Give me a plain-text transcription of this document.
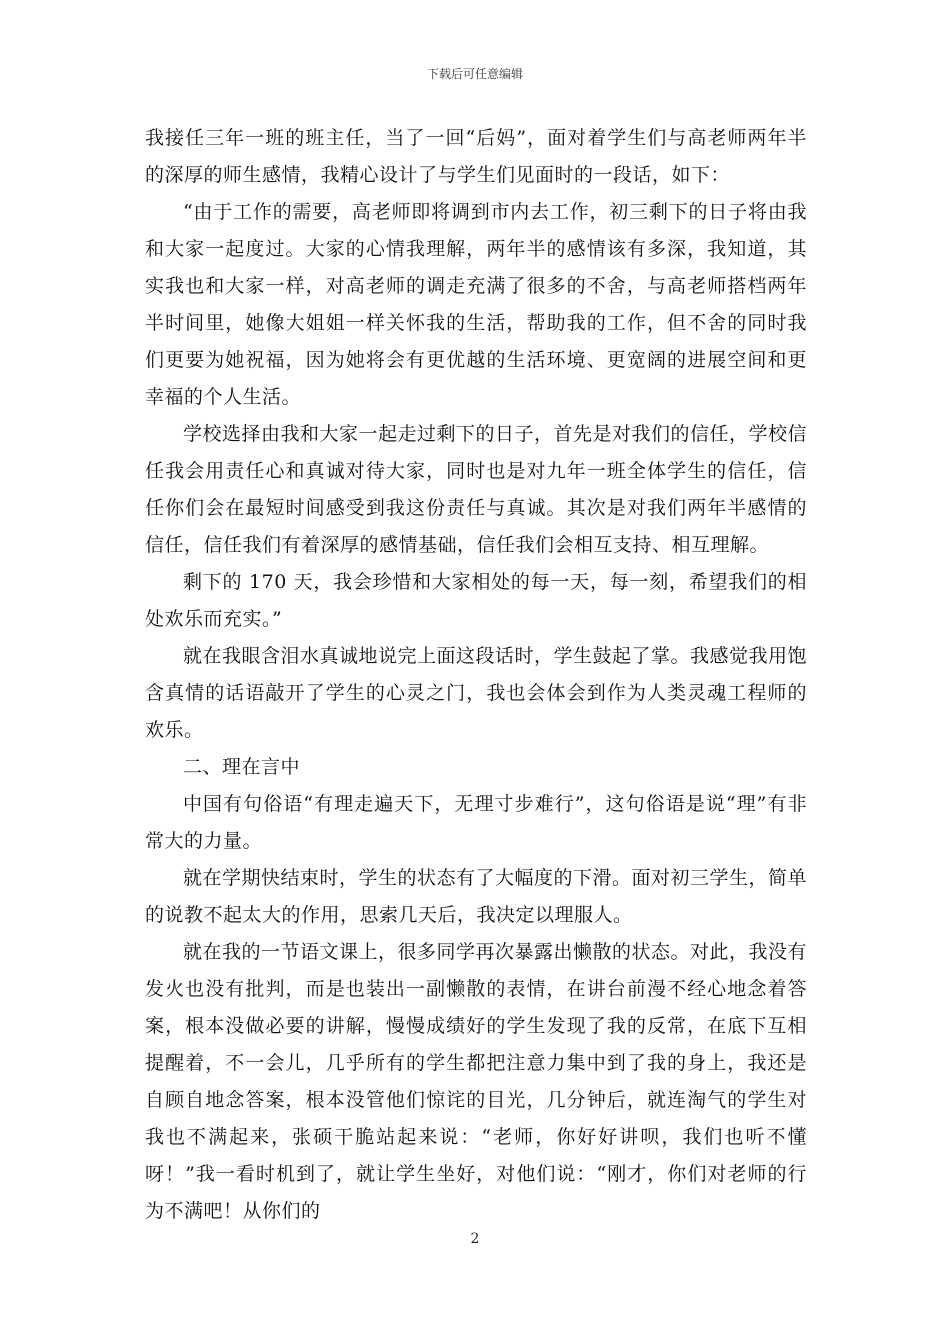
下载后可任意编辑

我接任三年一班的班主任，当了一回“后妈”，面对着学生们与高老师两年半的深厚的师生感情，我精心设计了与学生们见面时的一段话，如下：

“由于工作的需要，高老师即将调到市内去工作，初三剩下的日子将由我和大家一起度过。大家的心情我理解，两年半的感情该有多深，我知道，其实我也和大家一样，对高老师的调走充满了很多的不舍，与高老师搭档两年半时间里，她像大姐姐一样关怀我的生活，帮助我的工作，但不舍的同时我们更要为她祝福，因为她将会有更优越的生活环境、更宽阔的进展空间和更幸福的个人生活。

学校选择由我和大家一起走过剩下的日子，首先是对我们的信任，学校信任我会用责任心和真诚对待大家，同时也是对九年一班全体学生的信任，信任你们会在最短时间感受到我这份责任与真诚。其次是对我们两年半感情的信任，信任我们有着深厚的感情基础，信任我们会相互支持、相互理解。

剩下的 170 天，我会珍惜和大家相处的每一天，每一刻，希望我们的相处欢乐而充实。”

就在我眼含泪水真诚地说完上面这段话时，学生鼓起了掌。我感觉我用饱含真情的话语敲开了学生的心灵之门，我也会体会到作为人类灵魂工程师的欢乐。

二、理在言中

中国有句俗语“有理走遍天下，无理寸步难行”，这句俗语是说“理”有非常大的力量。

就在学期快结束时，学生的状态有了大幅度的下滑。面对初三学生，简单的说教不起太大的作用，思索几天后，我决定以理服人。

就在我的一节语文课上，很多同学再次暴露出懒散的状态。对此，我没有发火也没有批判，而是也装出一副懒散的表情，在讲台前漫不经心地念着答案，根本没做必要的讲解，慢慢成绩好的学生发现了我的反常，在底下互相提醒着，不一会儿，几乎所有的学生都把注意力集中到了我的身上，我还是自顾自地念答案，根本没管他们惊诧的目光，几分钟后，就连淘气的学生对我也不满起来，张硕干脆站起来说：“老师，你好好讲呗，我们也听不懂呀！”我一看时机到了，就让学生坐好，对他们说：“刚才，你们对老师的行为不满吧！从你们的

2
